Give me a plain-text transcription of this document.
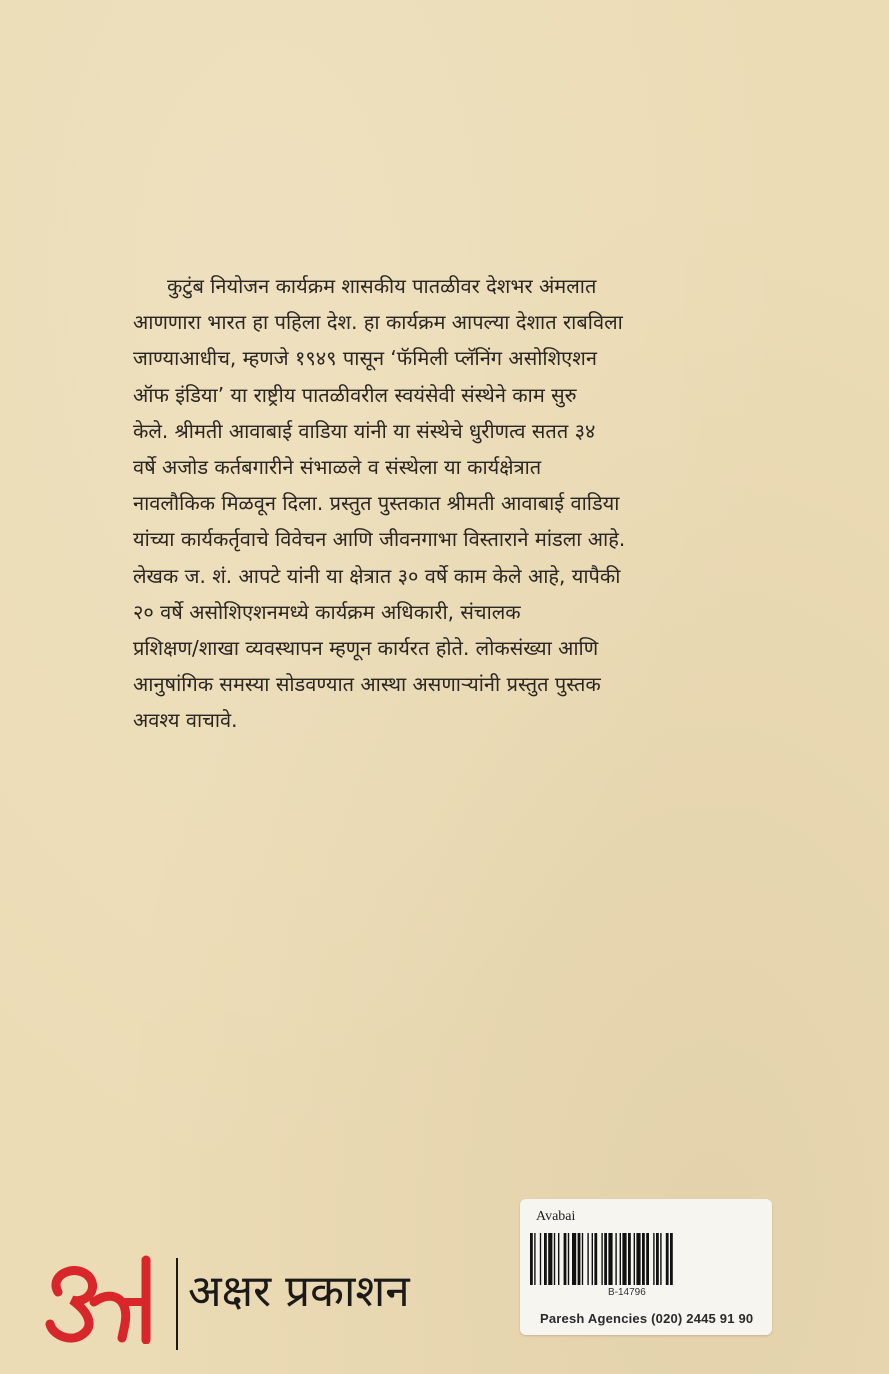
कुटुंब नियोजन कार्यक्रम शासकीय पातळीवर देशभर अंमलात
आणणारा भारत हा पहिला देश. हा कार्यक्रम आपल्या देशात राबविला
जाण्याआधीच, म्हणजे १९४९ पासून ‘फॅमिली प्लॅनिंग असोशिएशन
ऑफ इंडिया’ या राष्ट्रीय पातळीवरील स्वयंसेवी संस्थेने काम सुरु
केले. श्रीमती आवाबाई वाडिया यांनी या संस्थेचे धुरीणत्व सतत ३४
वर्षे अजोड कर्तबगारीने संभाळले व संस्थेला या कार्यक्षेत्रात
नावलौकिक मिळवून दिला. प्रस्तुत पुस्तकात श्रीमती आवाबाई वाडिया
यांच्या कार्यकर्तृवाचे विवेचन आणि जीवनगाभा विस्ताराने मांडला आहे.
लेखक ज. शं. आपटे यांनी या क्षेत्रात ३० वर्षे काम केले आहे, यापैकी
२० वर्षे असोशिएशनमध्ये कार्यक्रम अधिकारी, संचालक
प्रशिक्षण/शाखा व्यवस्थापन म्हणून कार्यरत होते. लोकसंख्या आणि
आनुषांगिक समस्या सोडवण्यात आस्था असणाऱ्यांनी प्रस्तुत पुस्तक
अवश्य वाचावे.
अक्षर प्रकाशन
Avabai
B-14796
Paresh Agencies (020) 2445 91 90
